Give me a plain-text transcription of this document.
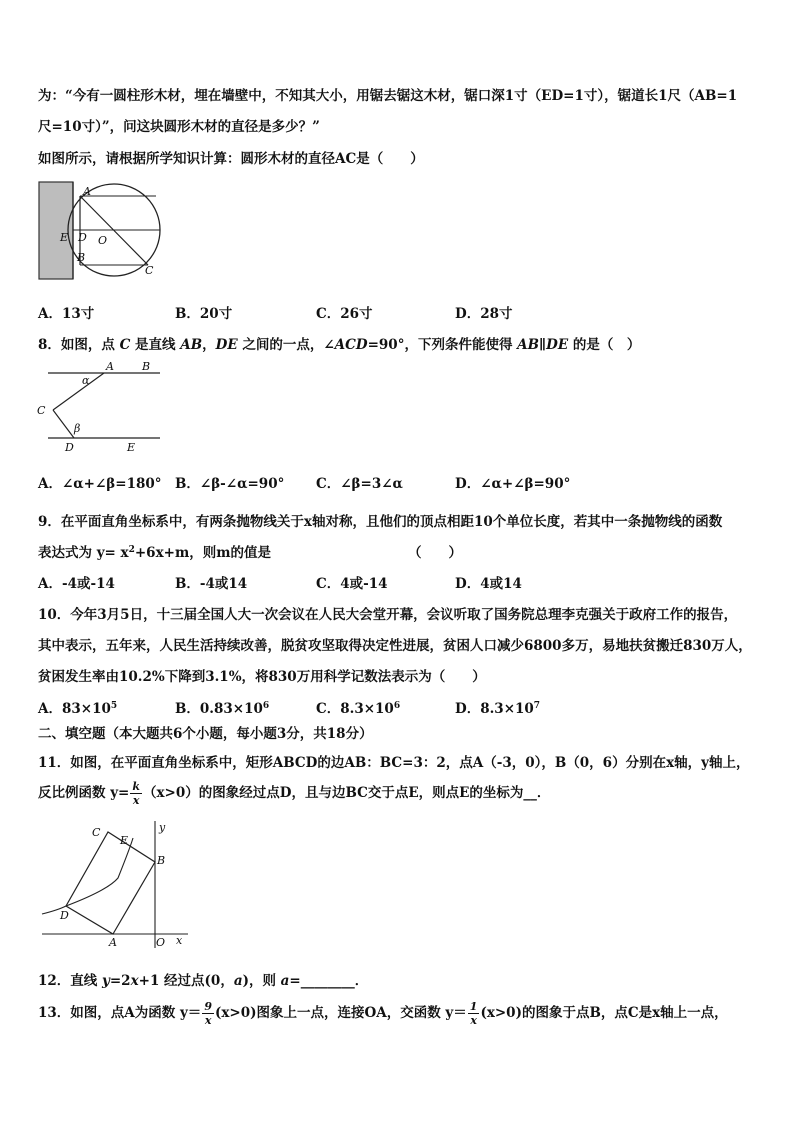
为：“今有一圆柱形木材，埋在墙壁中，不知其大小，用锯去锯这木材，锯口深1寸（ED=1寸），锯道长1尺（AB=1
尺=10寸）”，问这块圆形木材的直径是多少？”
如图所示，请根据所学知识计算：圆形木材的直径AC是（　　）
A
E D O
B
C
A．13寸	B．20寸	C．26寸	D．28寸
8．如图，点 C 是直线 AB，DE 之间的一点，∠ACD=90°，下列条件能使得 AB∥DE 的是（　）
A	B
α
C
β
D	E
A．∠α+∠β=180° B．∠β-∠α=90° C．∠β=3∠α	D．∠α+∠β=90°
9．在平面直角坐标系中，有两条抛物线关于x轴对称，且他们的顶点相距10个单位长度，若其中一条抛物线的函数
表达式为 $y= x^2+6x+m$，则m的值是	（　　）
A．-4或-14	B．-4或14	C．4或-14	D．4或14
10．今年3月5日，十三届全国人大一次会议在人民大会堂开幕，会议听取了国务院总理李克强关于政府工作的报告，
其中表示，五年来，人民生活持续改善，脱贫攻坚取得决定性进展，贫困人口减少6800多万，易地扶贫搬迁830万人，
贫困发生率由10.2%下降到3.1%，将830万用科学记数法表示为（　　）
A．$83\times 10^5$	B．$0.83\times 10^6$	C．$8.3\times 10^6$	D．$8.3\times 10^7$
二、填空题（本大题共6个小题，每小题3分，共18分）
11．如图，在平面直角坐标系中，矩形ABCD的边AB：BC=3：2，点A（-3，0），B（0，6）分别在x轴，y轴上，
反比例函数 $y= \frac{k}{x} (x>0)$的图象经过点D，且与边BC交于点E，则点E的坐标为__．
C
E
y
B
D
A	O x
12．直线 y=2x+1 经过点(0，a)，则 a=________．
13．如图，点A为函数 $y= \frac{9}{x} (x>0)$图象上一点，连接OA，交函数 $y= \frac{1}{x} (x>0)$的图象于点B，点C是x轴上一点，
